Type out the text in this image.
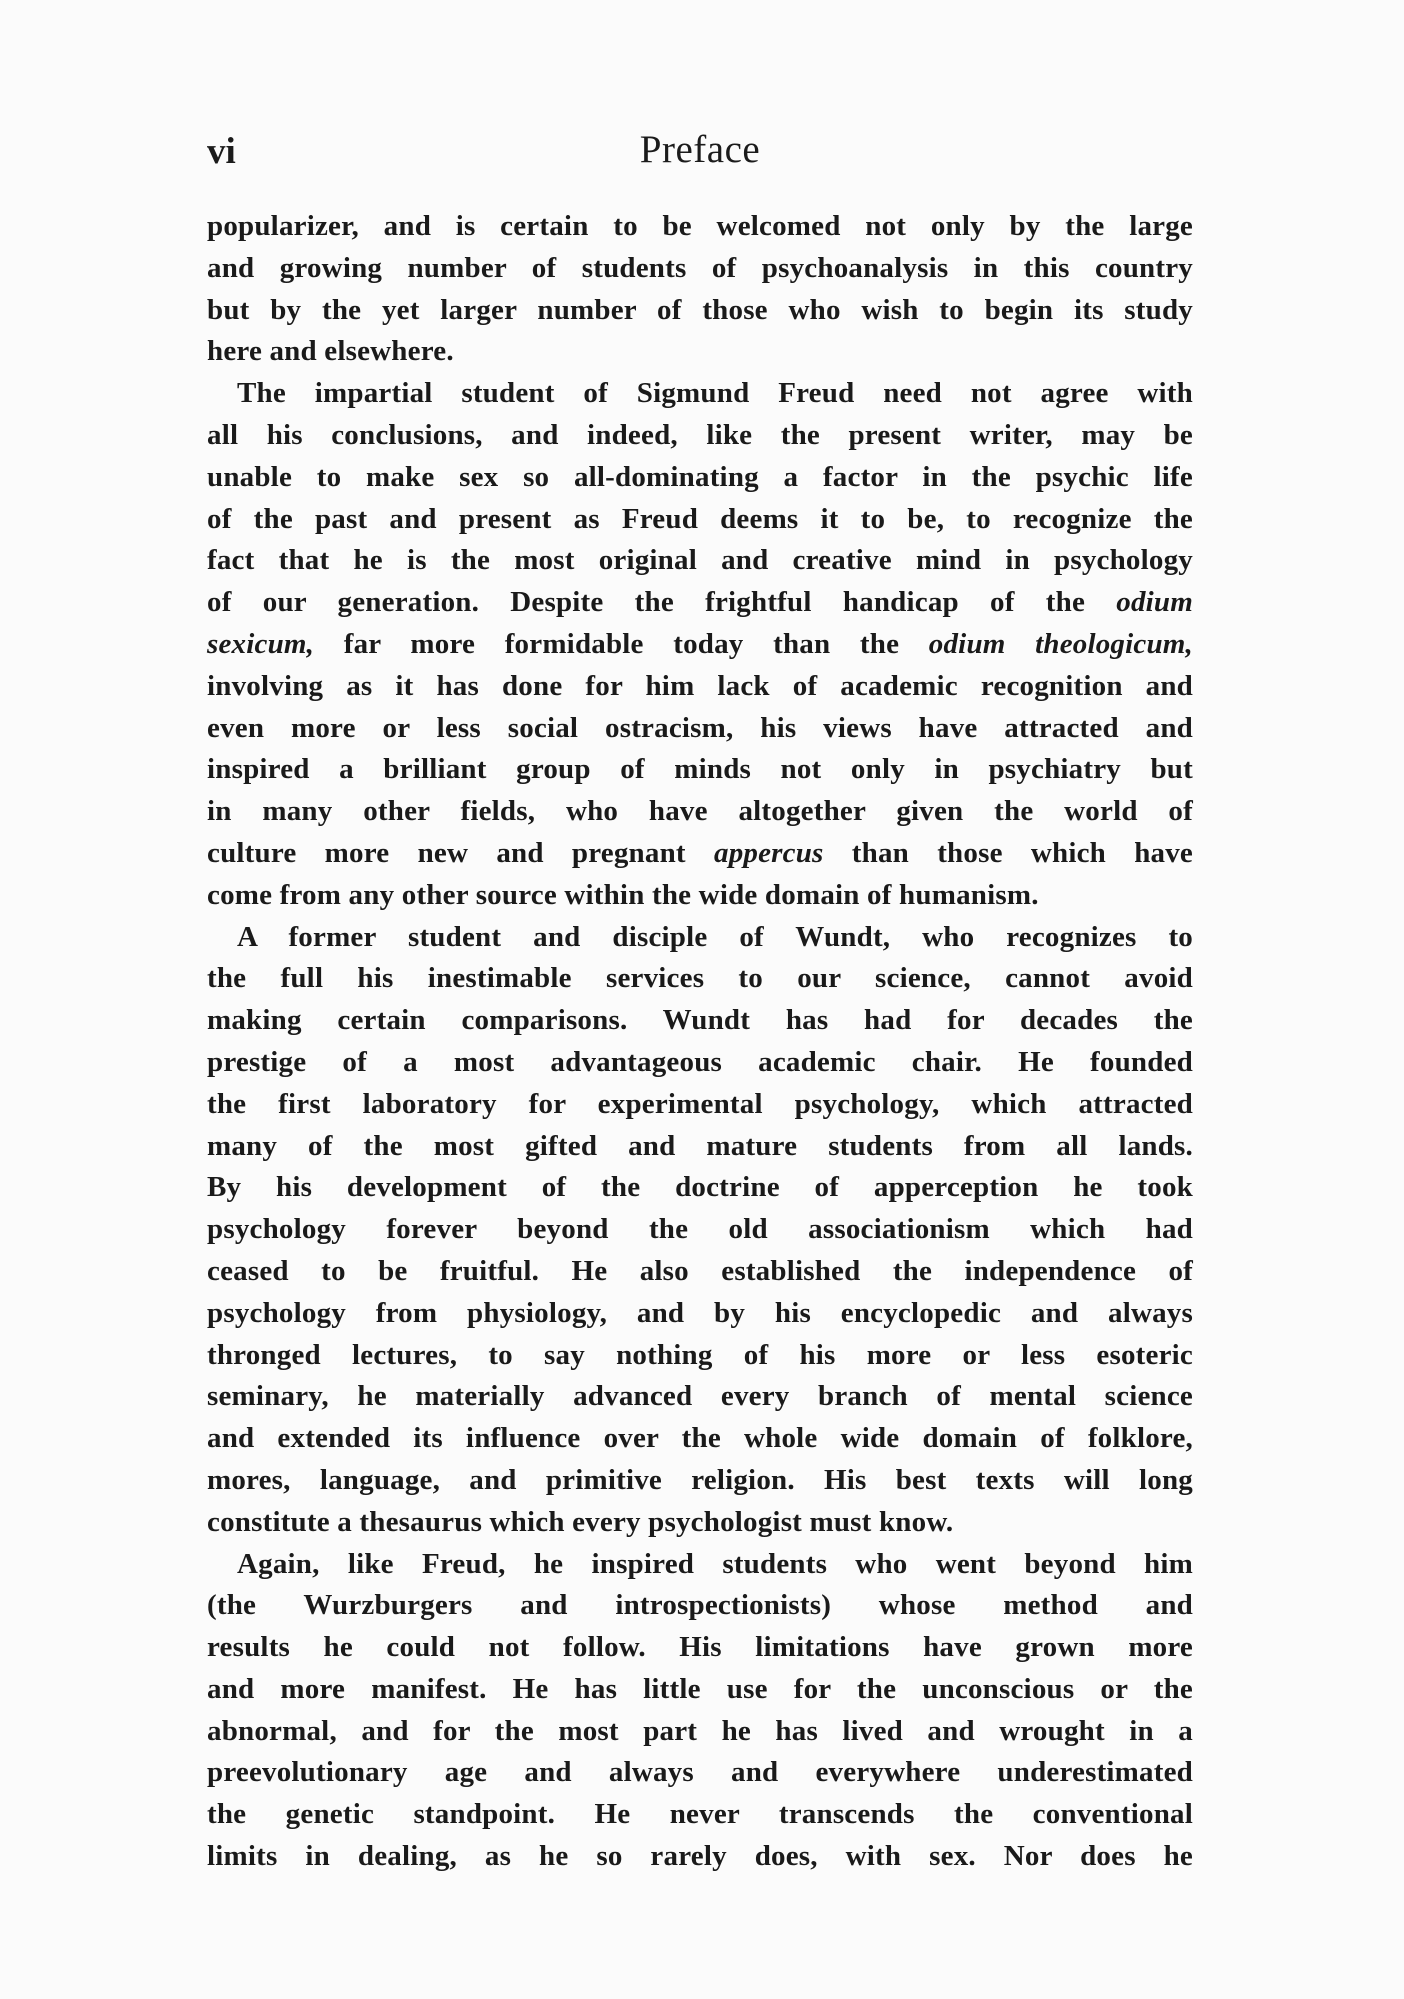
vi	Preface
popularizer, and is certain to be welcomed not only by the large
and growing number of students of psychoanalysis in this country
but by the yet larger number of those who wish to begin its study
here and elsewhere.
The impartial student of Sigmund Freud need not agree with
all his conclusions, and indeed, like the present writer, may be
unable to make sex so all-dominating a factor in the psychic life
of the past and present as Freud deems it to be, to recognize the
fact that he is the most original and creative mind in psychology
of our generation. Despite the frightful handicap of the odium
sexicum, far more formidable today than the odium theologicum,
involving as it has done for him lack of academic recognition and
even more or less social ostracism, his views have attracted and
inspired a brilliant group of minds not only in psychiatry but
in many other fields, who have altogether given the world of
culture more new and pregnant appercus than those which have
come from any other source within the wide domain of humanism.
A former student and disciple of Wundt, who recognizes to
the full his inestimable services to our science, cannot avoid
making certain comparisons. Wundt has had for decades the
prestige of a most advantageous academic chair. He founded
the first laboratory for experimental psychology, which attracted
many of the most gifted and mature students from all lands.
By his development of the doctrine of apperception he took
psychology forever beyond the old associationism which had
ceased to be fruitful. He also established the independence of
psychology from physiology, and by his encyclopedic and always
thronged lectures, to say nothing of his more or less esoteric
seminary, he materially advanced every branch of mental science
and extended its influence over the whole wide domain of folklore,
mores, language, and primitive religion. His best texts will long
constitute a thesaurus which every psychologist must know.
Again, like Freud, he inspired students who went beyond him
(the Wurzburgers and introspectionists) whose method and
results he could not follow. His limitations have grown more
and more manifest. He has little use for the unconscious or the
abnormal, and for the most part he has lived and wrought in a
preevolutionary age and always and everywhere underestimated
the genetic standpoint. He never transcends the conventional
limits in dealing, as he so rarely does, with sex. Nor does he
